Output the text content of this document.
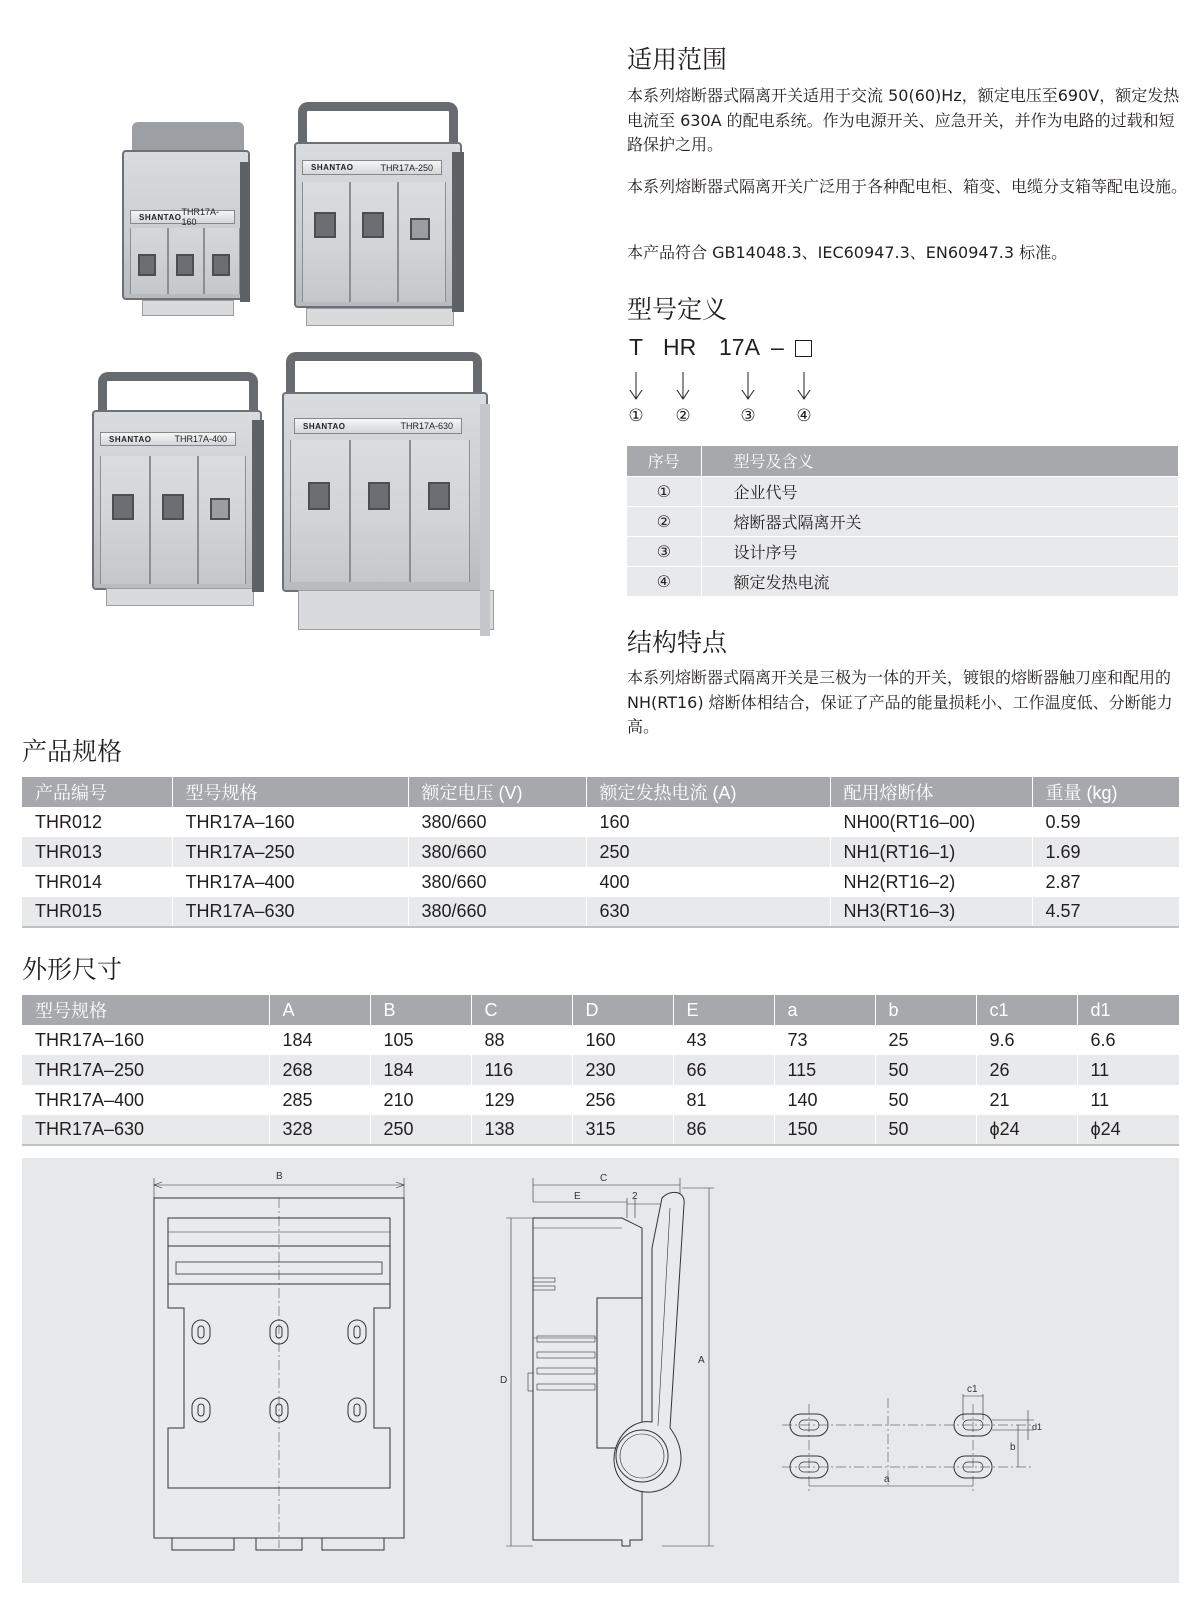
SHANTAO THR17A-160
SHANTAO	THR17A-250
SHANTAO	THR17A-400
SHANTAO	THR17A-630
适用范围
本系列熔断器式隔离开关适用于交流 50(60)Hz，额定电压至690V，额定发热电流至 630A 的配电系统。作为电源开关、应急开关，并作为电路的过载和短路保护之用。
本系列熔断器式隔离开关广泛用于各种配电柜、箱变、电缆分支箱等配电设施。
本产品符合 GB14048.3、IEC60947.3、EN60947.3 标准。
型号定义
T HR 17A –
① ②	③ ④
序号	型号及含义
①	企业代号
②	熔断器式隔离开关
③	设计序号
④	额定发热电流
结构特点
本系列熔断器式隔离开关是三极为一体的开关，镀银的熔断器触刀座和配用的 NH(RT16) 熔断体相结合，保证了产品的能量损耗小、工作温度低、分断能力高。
产品规格
产品编号	型号规格	额定电压 (V)	额定发热电流 (A)	配用熔断体	重量 (kg)
THR012	THR17A–160	380/660	160	NH00(RT16–00)	0.59
THR013	THR17A–250	380/660	250	NH1(RT16–1)	1.69
THR014	THR17A–400	380/660	400	NH2(RT16–2)	2.87
THR015	THR17A–630	380/660	630	NH3(RT16–3)	4.57
外形尺寸
型号规格	A	B	C	D	E	a	b	c1	d1
THR17A–160	184	105	88	160	43	73	25	9.6	6.6
THR17A–250	268	184	116	230	66	115	50	26	11
THR17A–400	285	210	129	256	81	140	50	21	11
THR17A–630	328	250	138	315	86	150	50	ϕ24	ϕ24
B	C
E	2
D
A
a
b
c1
d1
